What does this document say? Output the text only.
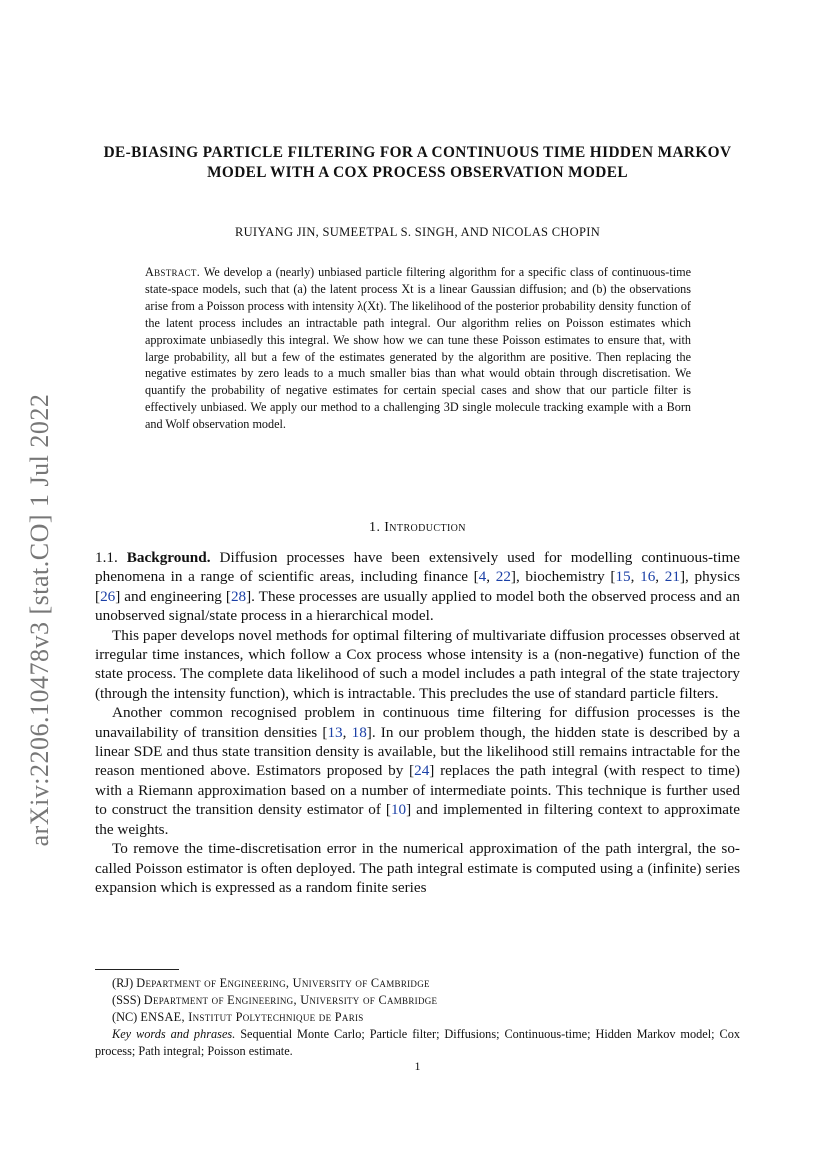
arXiv:2206.10478v3 [stat.CO] 1 Jul 2022
DE-BIASING PARTICLE FILTERING FOR A CONTINUOUS TIME HIDDEN MARKOV MODEL WITH A COX PROCESS OBSERVATION MODEL
RUIYANG JIN, SUMEETPAL S. SINGH, AND NICOLAS CHOPIN
Abstract. We develop a (nearly) unbiased particle filtering algorithm for a specific class of continuous-time state-space models, such that (a) the latent process Xt is a linear Gaussian diffusion; and (b) the observations arise from a Poisson process with intensity λ(Xt). The likelihood of the posterior probability density function of the latent process includes an intractable path integral. Our algorithm relies on Poisson estimates which approximate unbiasedly this integral. We show how we can tune these Poisson estimates to ensure that, with large probability, all but a few of the estimates generated by the algorithm are positive. Then replacing the negative estimates by zero leads to a much smaller bias than what would obtain through discretisation. We quantify the probability of negative estimates for certain special cases and show that our particle filter is effectively unbiased. We apply our method to a challenging 3D single molecule tracking example with a Born and Wolf observation model.
1. Introduction

1.1. Background. Diffusion processes have been extensively used for modelling continuous-time phenomena in a range of scientific areas, including finance [4, 22], biochemistry [15, 16, 21], physics [26] and engineering [28]. These processes are usually applied to model both the observed process and an unobserved signal/state process in a hierarchical model.

This paper develops novel methods for optimal filtering of multivariate diffusion processes observed at irregular time instances, which follow a Cox process whose intensity is a (non-negative) function of the state process. The complete data likelihood of such a model includes a path integral of the state trajectory (through the intensity function), which is intractable. This precludes the use of standard particle filters.

Another common recognised problem in continuous time filtering for diffusion processes is the unavailability of transition densities [13, 18]. In our problem though, the hidden state is described by a linear SDE and thus state transition density is available, but the likelihood still remains intractable for the reason mentioned above. Estimators proposed by [24] replaces the path integral (with respect to time) with a Riemann approximation based on a number of intermediate points. This technique is further used to construct the transition density estimator of [10] and implemented in filtering context to approximate the weights.

To remove the time-discretisation error in the numerical approximation of the path intergral, the so-called Poisson estimator is often deployed. The path integral estimate is computed using a (infinite) series expansion which is expressed as a random finite series

(RJ) Department of Engineering, University of Cambridge
(SSS) Department of Engineering, University of Cambridge
(NC) ENSAE, Institut Polytechnique de Paris
Key words and phrases. Sequential Monte Carlo; Particle filter; Diffusions; Continuous-time; Hidden Markov model; Cox process; Path integral; Poisson estimate.
1
